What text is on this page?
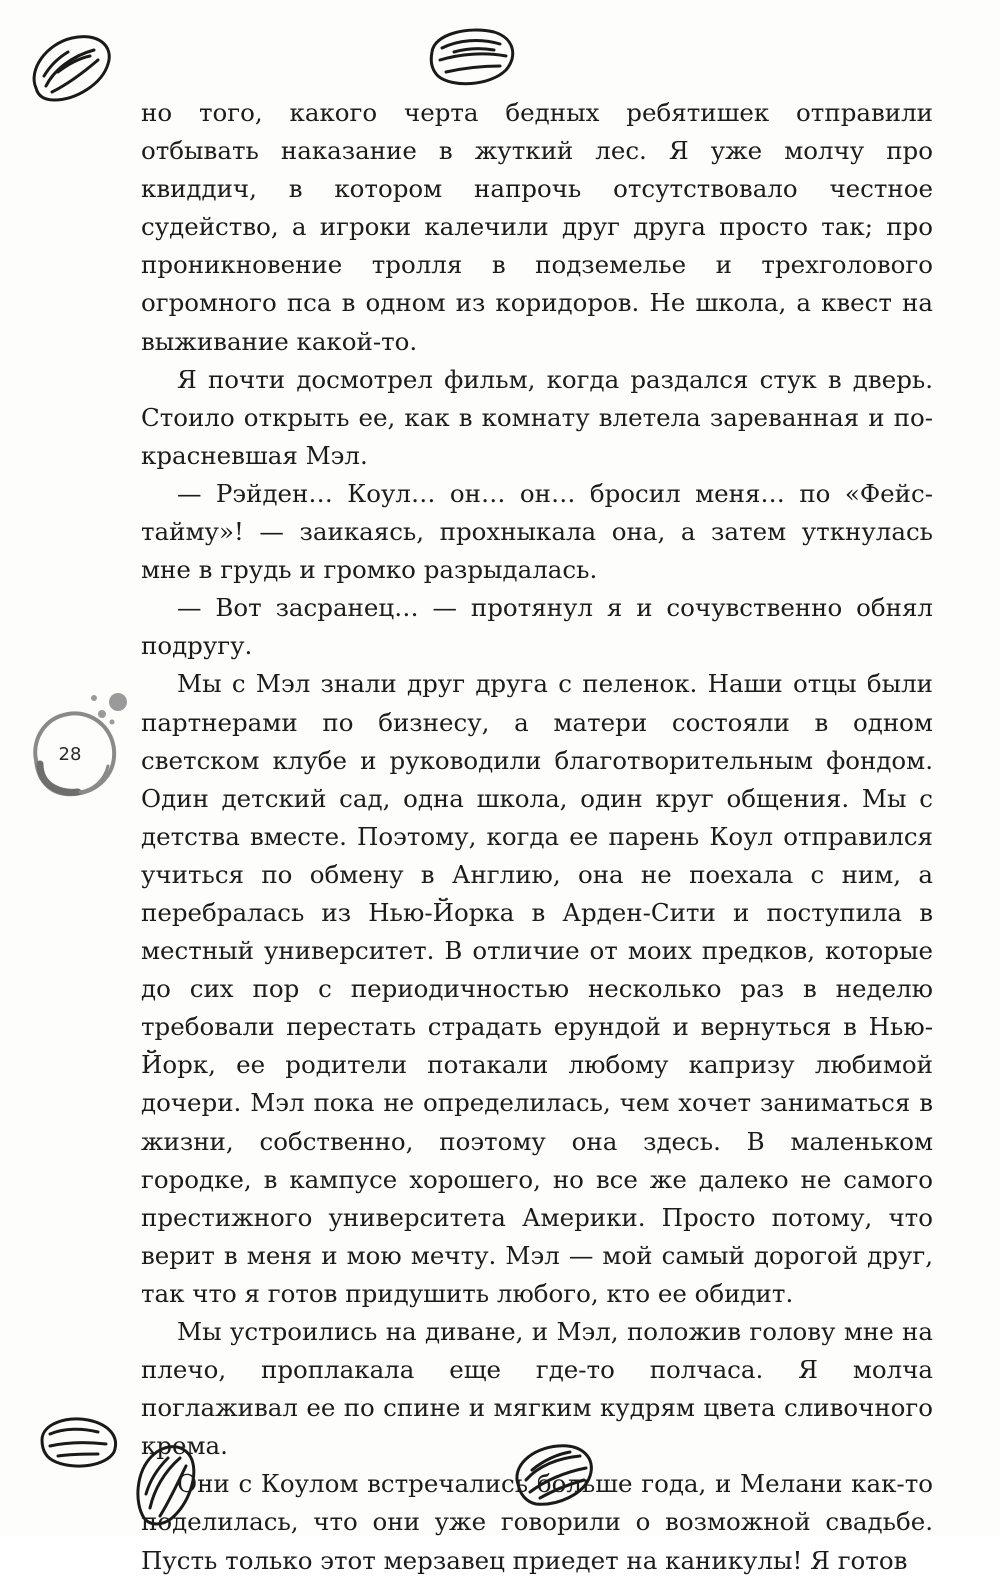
28

но того, какого черта бедных ребятишек отправили отбывать наказание в жуткий лес. Я уже молчу про квиддич, в котором напрочь отсутствовало честное судейство, а игроки калечили друг друга просто так; про проникновение тролля в подземелье и трехголового огромного пса в одном из коридоров. Не школа, а квест на выживание какой-то.

Я почти досмотрел фильм, когда раздался стук в дверь. Стоило открыть ее, как в комнату влетела зареванная и покрасневшая Мэл.

— Рэйден… Коул… он… он… бросил меня… по «Фейстайму»! — заикаясь, прохныкала она, а затем уткнулась мне в грудь и громко разрыдалась.

— Вот засранец… — протянул я и сочувственно обнял подругу.

Мы с Мэл знали друг друга с пеленок. Наши отцы были партнерами по бизнесу, а матери состояли в одном светском клубе и руководили благотворительным фондом. Один детский сад, одна школа, один круг общения. Мы с детства вместе. Поэтому, когда ее парень Коул отправился учиться по обмену в Англию, она не поехала с ним, а перебралась из Нью-Йорка в Арден-Сити и поступила в местный университет. В отличие от моих предков, которые до сих пор с периодичностью несколько раз в неделю требовали перестать страдать ерундой и вернуться в Нью-Йорк, ее родители потакали любому капризу любимой дочери. Мэл пока не определилась, чем хочет заниматься в жизни, собственно, поэтому она здесь. В маленьком городке, в кампусе хорошего, но все же далеко не самого престижного университета Америки. Просто потому, что верит в меня и мою мечту. Мэл — мой самый дорогой друг, так что я готов придушить любого, кто ее обидит.

Мы устроились на диване, и Мэл, положив голову мне на плечо, проплакала еще где-то полчаса. Я молча поглаживал ее по спине и мягким кудрям цвета сливочного крема.

Они с Коулом встречались больше года, и Мелани как-то поделилась, что они уже говорили о возможной свадьбе. Пусть только этот мерзавец приедет на каникулы! Я готов
